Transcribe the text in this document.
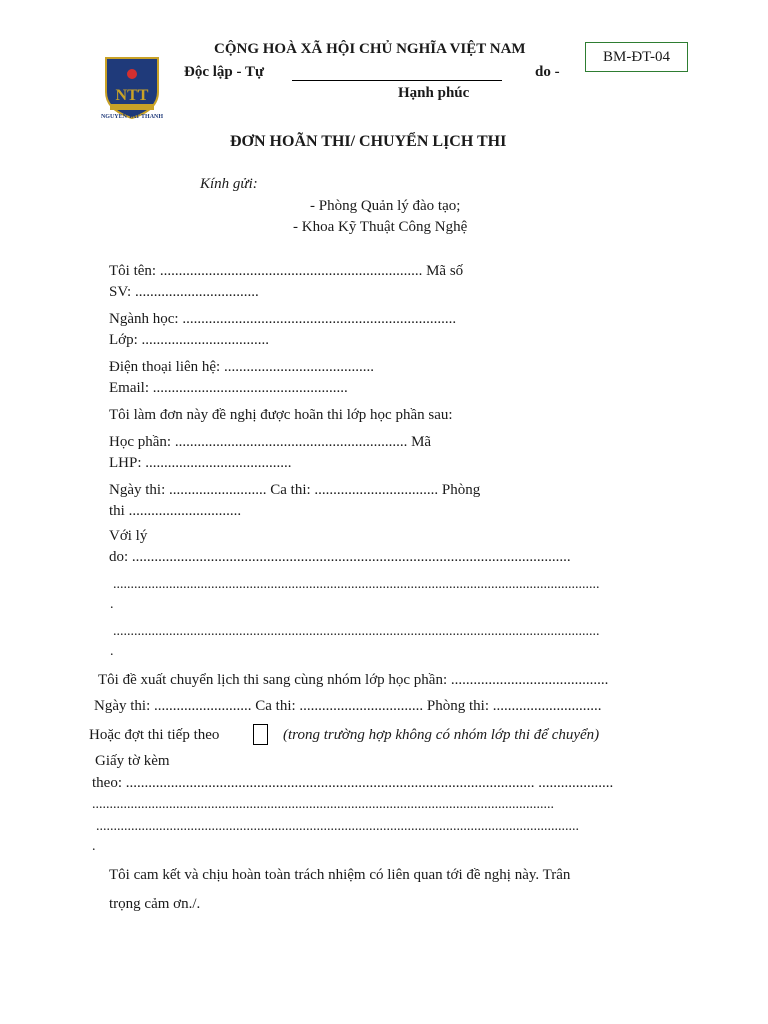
NTT
NGUYEN TAT THANH
CỘNG HOÀ XÃ HỘI CHỦ NGHĨA VIỆT NAM
Độc lập - Tự	do -
Hạnh phúc
BM-ĐT-04
ĐƠN HOÃN THI/ CHUYỂN LỊCH THI
Kính gửi:
- Phòng Quản lý đào tạo;
- Khoa Kỹ Thuật Công Nghệ
Tôi tên: ...................................................................... Mã số
SV: .................................
Ngành học: .........................................................................
Lớp: ..................................
Điện thoại liên hệ: ........................................
Email: ....................................................
Tôi làm đơn này đề nghị được hoãn thi lớp học phần sau:
Học phần: .............................................................. Mã
LHP: .......................................
Ngày thi: .......................... Ca thi: ................................. Phòng
thi ..............................
Với lý
do: .....................................................................................................................
...........................................................................................................................................
.
...........................................................................................................................................
.
Tôi đề xuất chuyển lịch thi sang cùng nhóm lớp học phần: ..........................................
Ngày thi: .......................... Ca thi: ................................. Phòng thi: .............................
Hoặc đợt thi tiếp theo	(trong trường hợp không có nhóm lớp thi để chuyển)
Giấy tờ kèm
theo: ............................................................................................................. ....................
....................................................................................................................................
..........................................................................................................................................
.
Tôi cam kết và chịu hoàn toàn trách nhiệm có liên quan tới đề nghị này. Trân
trọng cảm ơn./.
